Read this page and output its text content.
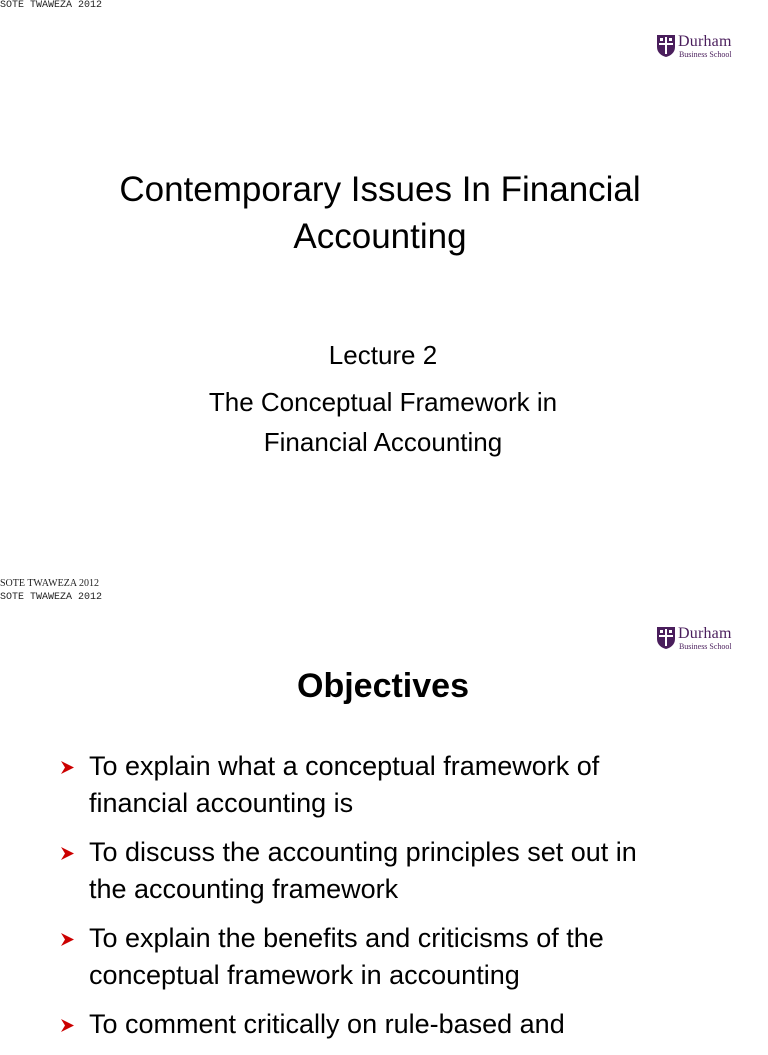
SOTE TWAWEZA 2012
Durham
Business School
Contemporary Issues In Financial
Accounting
Lecture 2
The Conceptual Framework in
Financial Accounting
SOTE TWAWEZA 2012
SOTE TWAWEZA 2012
Durham
Business School
Objectives
To explain what a conceptual framework of
financial accounting is
To discuss the accounting principles set out in
the accounting framework
To explain the benefits and criticisms of the
conceptual framework in accounting
To comment critically on rule-based and
